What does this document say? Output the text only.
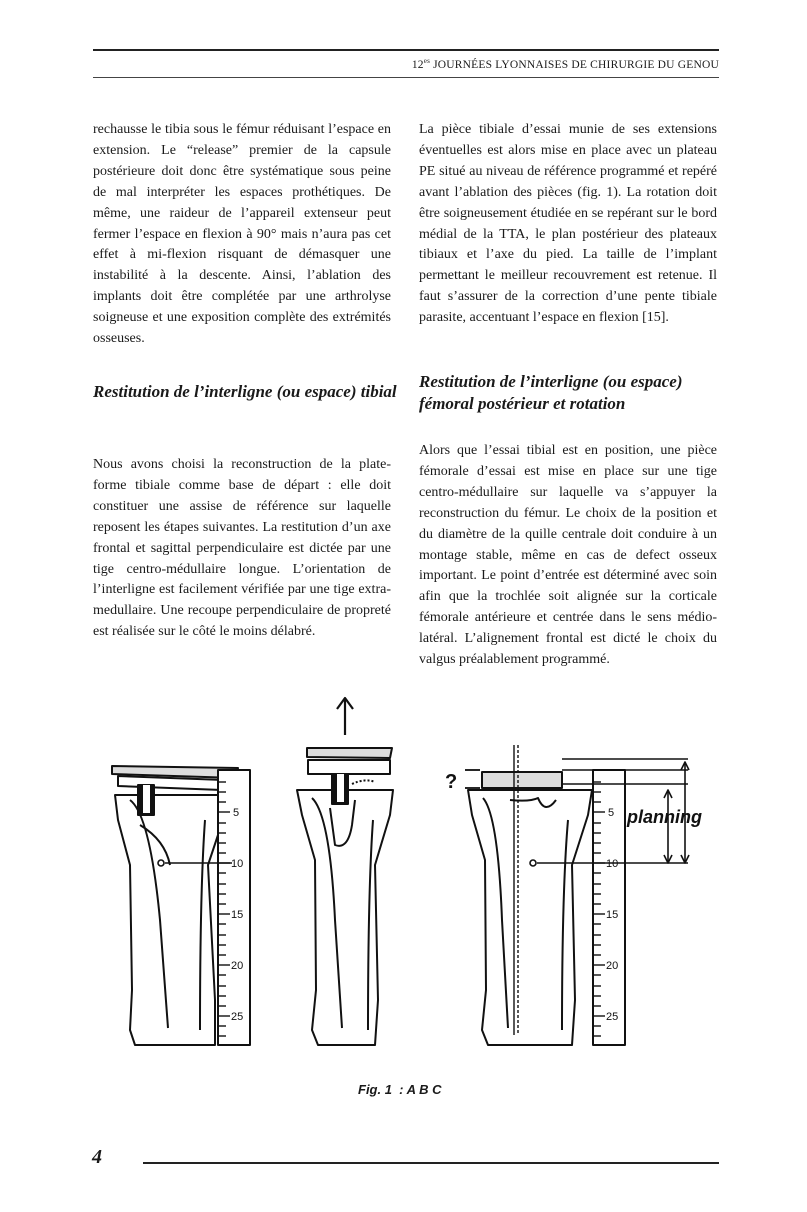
$12^{es}$ JOURNÉES LYONNAISES DE CHIRURGIE DU GENOU

rechausse le tibia sous le fémur réduisant l’espace en extension. Le “release” premier de la capsule postérieure doit donc être systématique sous peine de mal interpréter les espaces prothétiques. De même, une raideur de l’appareil extenseur peut fermer l’espace en flexion à 90° mais n’aura pas cet effet à mi-flexion risquant de démasquer une instabilité à la descente. Ainsi, l’ablation des implants doit être complétée par une arthrolyse soigneuse et une exposition complète des extrémités osseuses.

Restitution de l’interligne (ou espace) tibial

Nous avons choisi la reconstruction de la plate-forme tibiale comme base de départ : elle doit constituer une assise de référence sur laquelle reposent les étapes suivantes. La restitution d’un axe frontal et sagittal perpendiculaire est dictée par une tige centro-médullaire longue. L’orientation de l’interligne est facilement vérifiée par une tige extra-medullaire. Une recoupe perpendiculaire de propreté est réalisée sur le côté le moins délabré.

La pièce tibiale d’essai munie de ses extensions éventuelles est alors mise en place avec un plateau PE situé au niveau de référence programmé et repéré avant l’ablation des pièces (fig. 1). La rotation doit être soigneusement étudiée en se repérant sur le bord médial de la TTA, le plan postérieur des plateaux tibiaux et l’axe du pied. La taille de l’implant permettant le meilleur recouvrement est retenue. Il faut s’assurer de la correction d’une pente tibiale parasite, accentuant l’espace en flexion [15].

Restitution de l’interligne (ou espace) fémoral postérieur et rotation

Alors que l’essai tibial est en position, une pièce fémorale d’essai est mise en place sur une tige centro-médullaire sur laquelle va s’appuyer la reconstruction du fémur. Le choix de la position et du diamètre de la quille centrale doit conduire à un montage stable, même en cas de defect osseux important. Le point d’entrée est déterminé avec soin afin que la trochlée soit alignée sur la corticale fémorale antérieure et centrée dans le sens médio-latéral. L’alignement frontal est dicté le choix du valgus préalablement programmé.

5
10
15
20
25
5
10
15
20
25
?
planning
Fig. 1  : A B C
4
